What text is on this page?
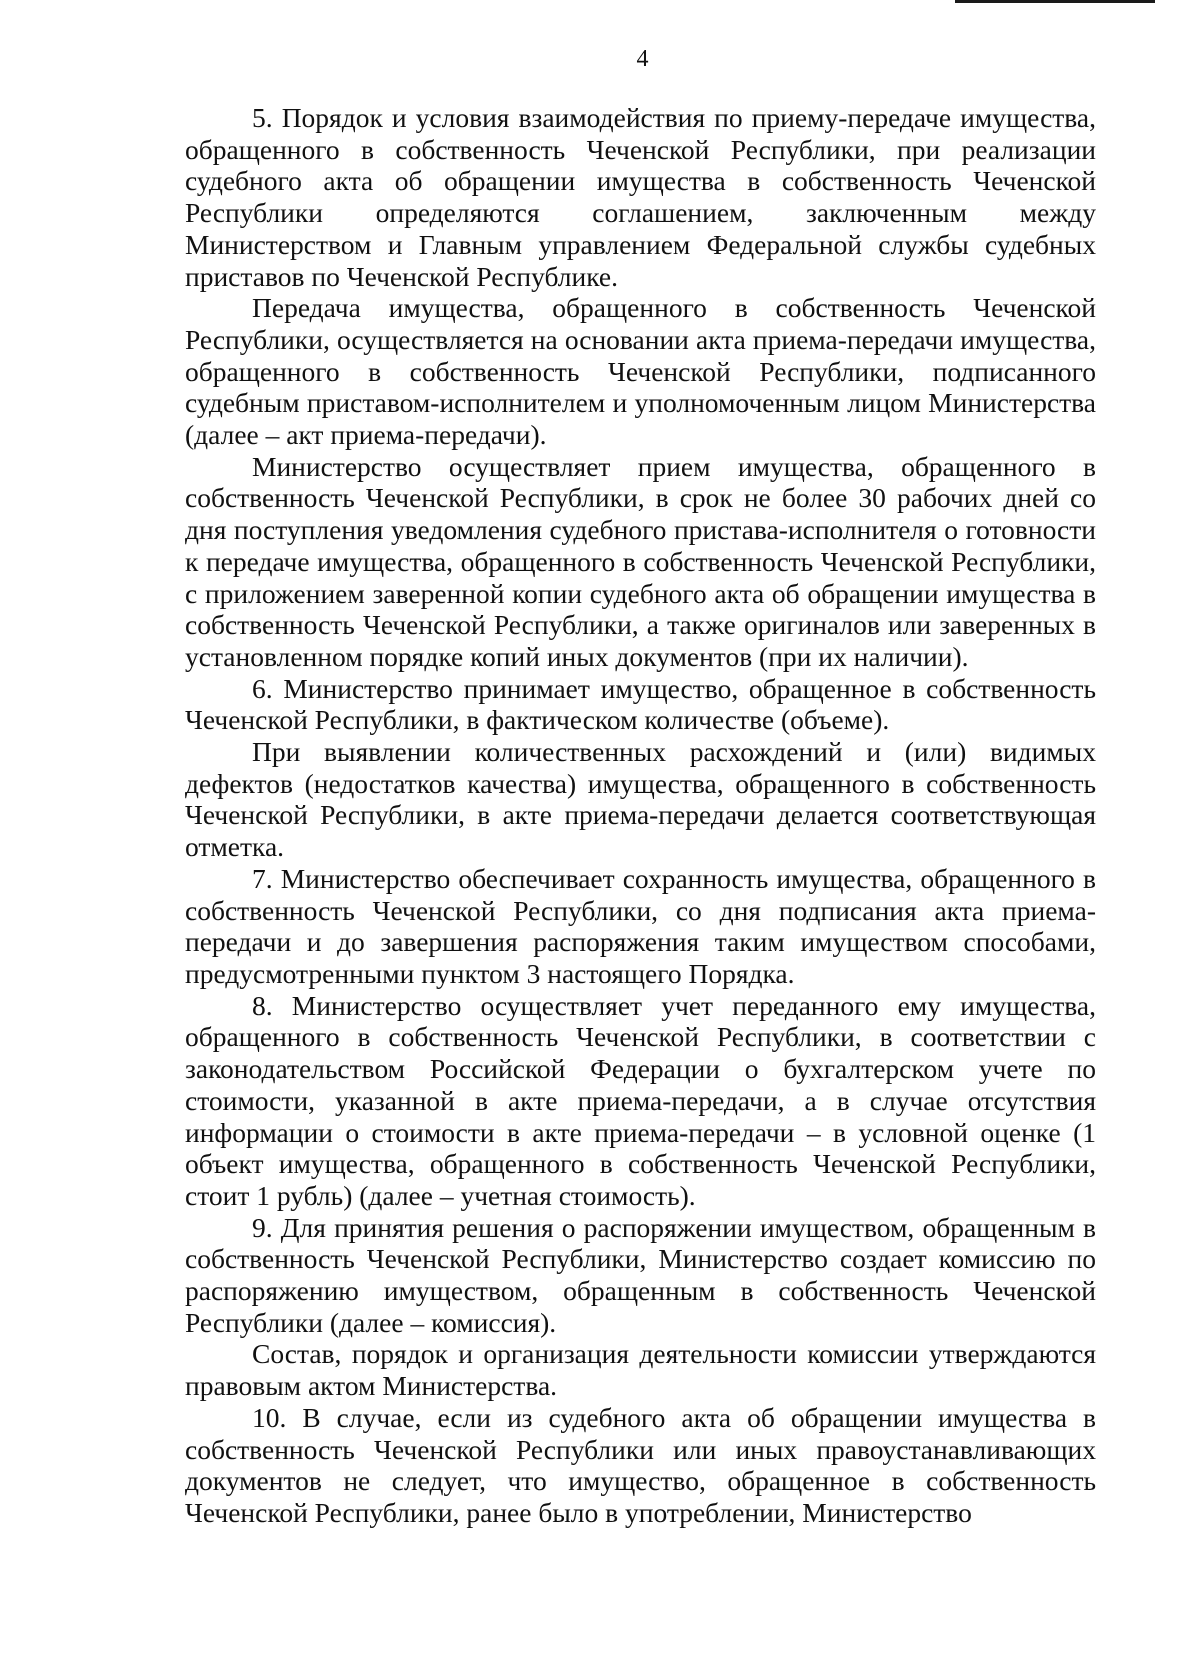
4

5. Порядок и условия взаимодействия по приему-передаче имущества, обращенного в собственность Чеченской Республики, при реализации судебного акта об обращении имущества в собственность Чеченской Республики определяются соглашением, заключенным между Министерством и Главным управлением Федеральной службы судебных приставов по Чеченской Республике.

Передача имущества, обращенного в собственность Чеченской Республики, осуществляется на основании акта приема-передачи имущества, обращенного в собственность Чеченской Республики, подписанного судебным приставом-исполнителем и уполномоченным лицом Министерства (далее – акт приема-передачи).

Министерство осуществляет прием имущества, обращенного в собственность Чеченской Республики, в срок не более 30 рабочих дней со дня поступления уведомления судебного пристава-исполнителя о готовности к передаче имущества, обращенного в собственность Чеченской Республики, с приложением заверенной копии судебного акта об обращении имущества в собственность Чеченской Республики, а также оригиналов или заверенных в установленном порядке копий иных документов (при их наличии).

6. Министерство принимает имущество, обращенное в собственность Чеченской Республики, в фактическом количестве (объеме).

При выявлении количественных расхождений и (или) видимых дефектов (недостатков качества) имущества, обращенного в собственность Чеченской Республики, в акте приема-передачи делается соответствующая отметка.

7. Министерство обеспечивает сохранность имущества, обращенного в собственность Чеченской Республики, со дня подписания акта приема-передачи и до завершения распоряжения таким имуществом способами, предусмотренными пунктом 3 настоящего Порядка.

8. Министерство осуществляет учет переданного ему имущества, обращенного в собственность Чеченской Республики, в соответствии с законодательством Российской Федерации о бухгалтерском учете по стоимости, указанной в акте приема-передачи, а в случае отсутствия информации о стоимости в акте приема-передачи – в условной оценке (1 объект имущества, обращенного в собственность Чеченской Республики, стоит 1 рубль) (далее – учетная стоимость).

9. Для принятия решения о распоряжении имуществом, обращенным в собственность Чеченской Республики, Министерство создает комиссию по распоряжению имуществом, обращенным в собственность Чеченской Республики (далее – комиссия).

Состав, порядок и организация деятельности комиссии утверждаются правовым актом Министерства.

10. В случае, если из судебного акта об обращении имущества в собственность Чеченской Республики или иных правоустанавливающих документов не следует, что имущество, обращенное в собственность Чеченской Республики, ранее было в употреблении, Министерство
